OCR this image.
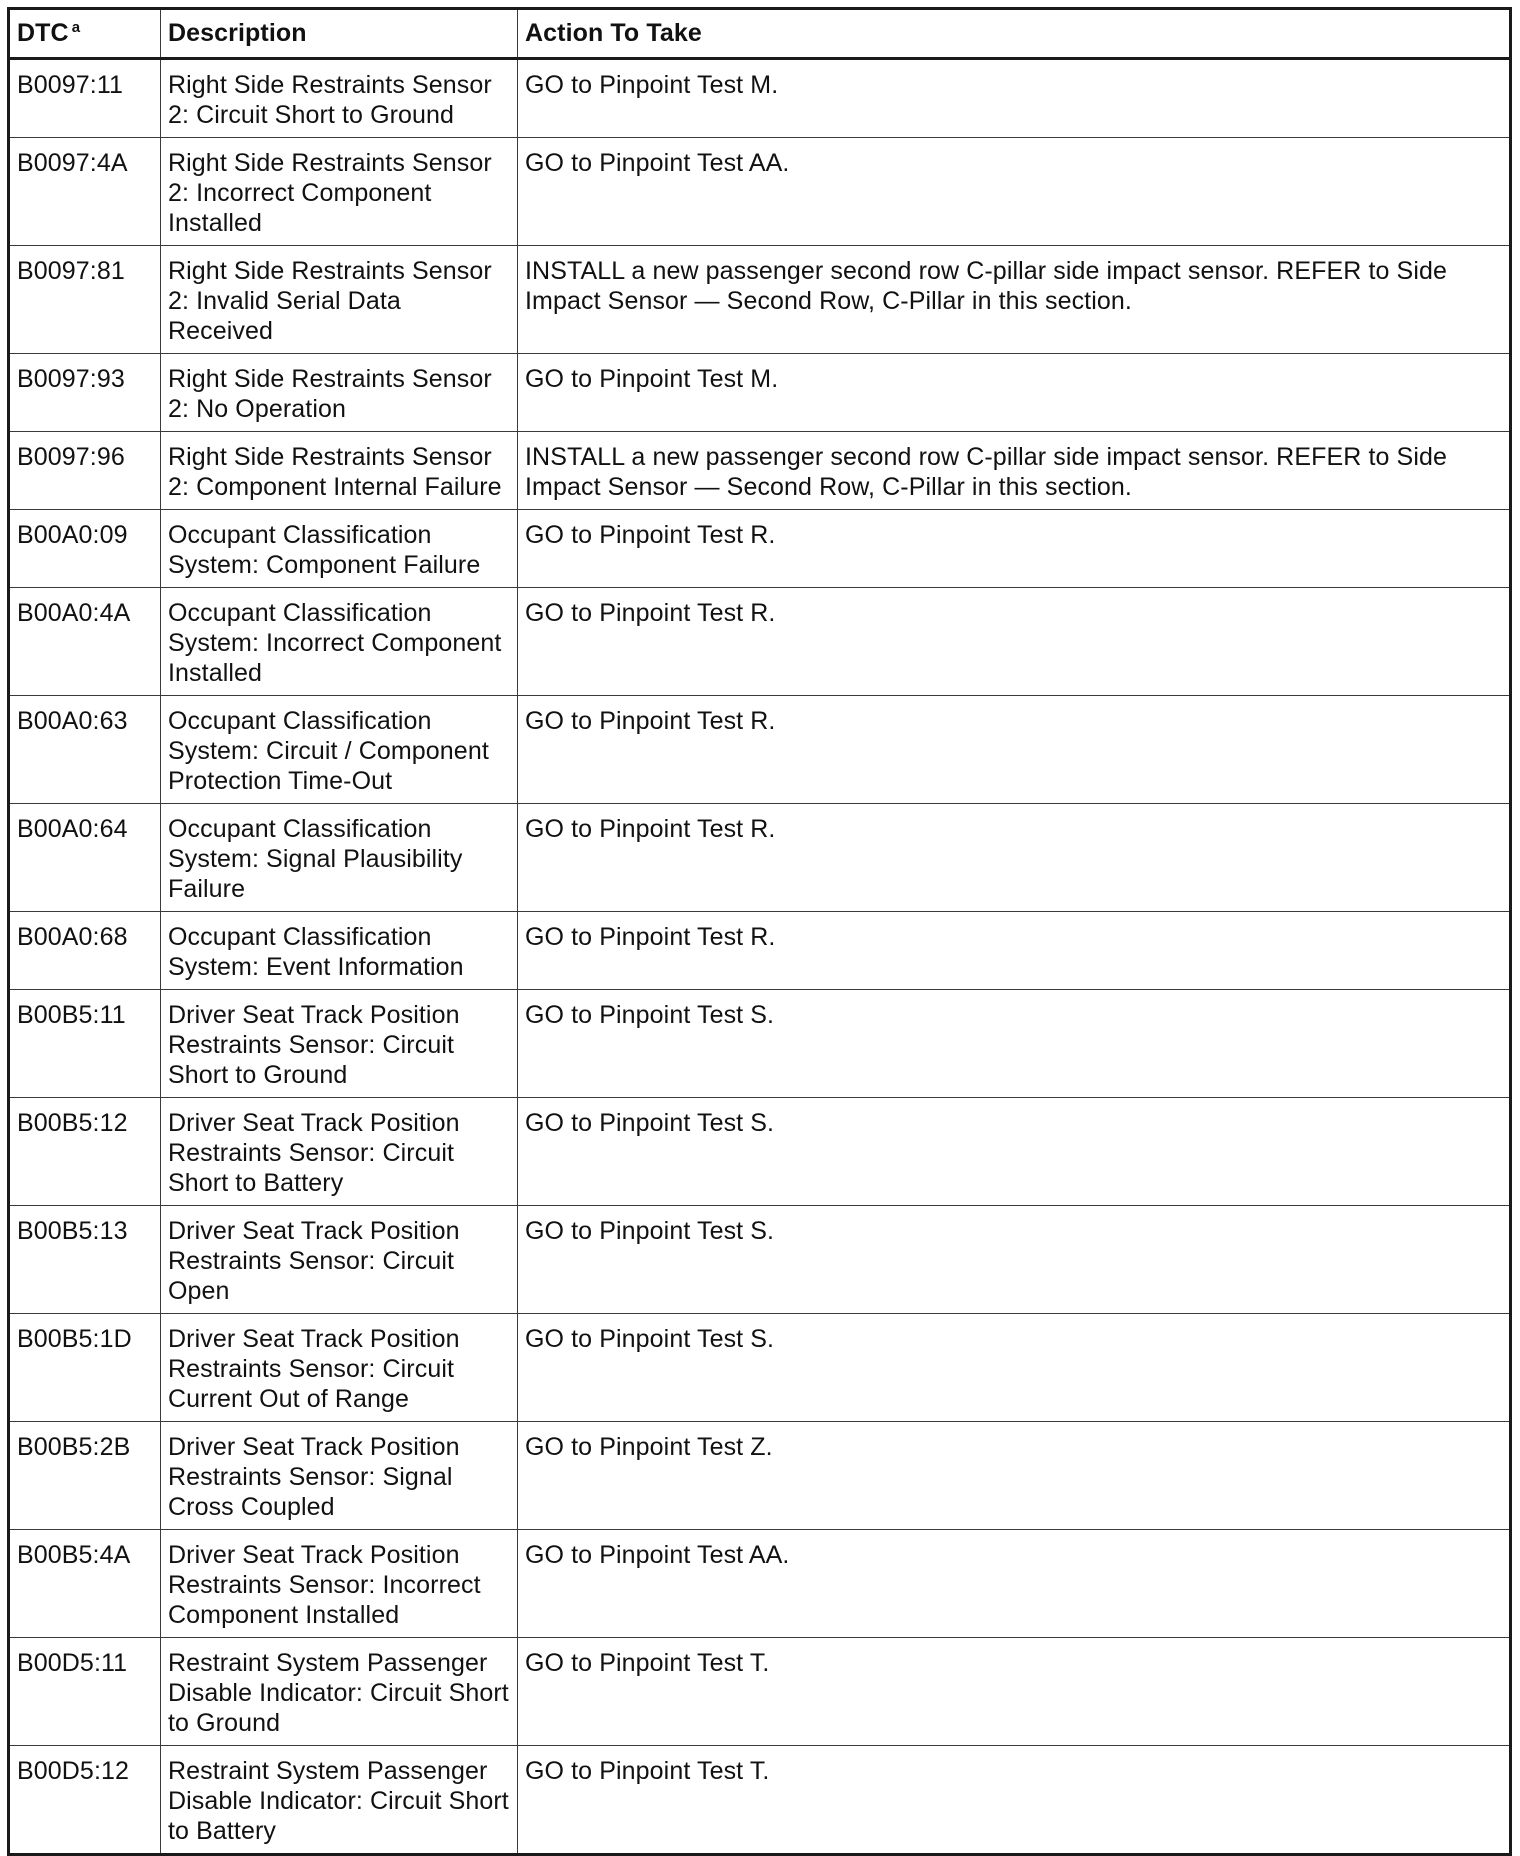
DTC $^a$	Description	Action To Take
B0097:11	Right Side Restraints Sensor 2: Circuit Short to Ground	GO to Pinpoint Test M.
B0097:4A	Right Side Restraints Sensor 2: Incorrect Component Installed	GO to Pinpoint Test AA.
B0097:81	Right Side Restraints Sensor 2: Invalid Serial Data Received	INSTALL a new passenger second row C-pillar side impact sensor. REFER to Side Impact Sensor — Second Row, C-Pillar in this section.
B0097:93	Right Side Restraints Sensor 2: No Operation	GO to Pinpoint Test M.
B0097:96	Right Side Restraints Sensor 2: Component Internal Failure	INSTALL a new passenger second row C-pillar side impact sensor. REFER to Side Impact Sensor — Second Row, C-Pillar in this section.
B00A0:09	Occupant Classification System: Component Failure	GO to Pinpoint Test R.
B00A0:4A	Occupant Classification System: Incorrect Component Installed	GO to Pinpoint Test R.
B00A0:63	Occupant Classification System: Circuit / Component Protection Time-Out	GO to Pinpoint Test R.
B00A0:64	Occupant Classification System: Signal Plausibility Failure	GO to Pinpoint Test R.
B00A0:68	Occupant Classification System: Event Information	GO to Pinpoint Test R.
B00B5:11	Driver Seat Track Position Restraints Sensor: Circuit Short to Ground	GO to Pinpoint Test S.
B00B5:12	Driver Seat Track Position Restraints Sensor: Circuit Short to Battery	GO to Pinpoint Test S.
B00B5:13	Driver Seat Track Position Restraints Sensor: Circuit Open	GO to Pinpoint Test S.
B00B5:1D	Driver Seat Track Position Restraints Sensor: Circuit Current Out of Range	GO to Pinpoint Test S.
B00B5:2B	Driver Seat Track Position Restraints Sensor: Signal Cross Coupled	GO to Pinpoint Test Z.
B00B5:4A	Driver Seat Track Position Restraints Sensor: Incorrect Component Installed	GO to Pinpoint Test AA.
B00D5:11	Restraint System Passenger Disable Indicator: Circuit Short to Ground	GO to Pinpoint Test T.
B00D5:12	Restraint System Passenger Disable Indicator: Circuit Short to Battery	GO to Pinpoint Test T.
